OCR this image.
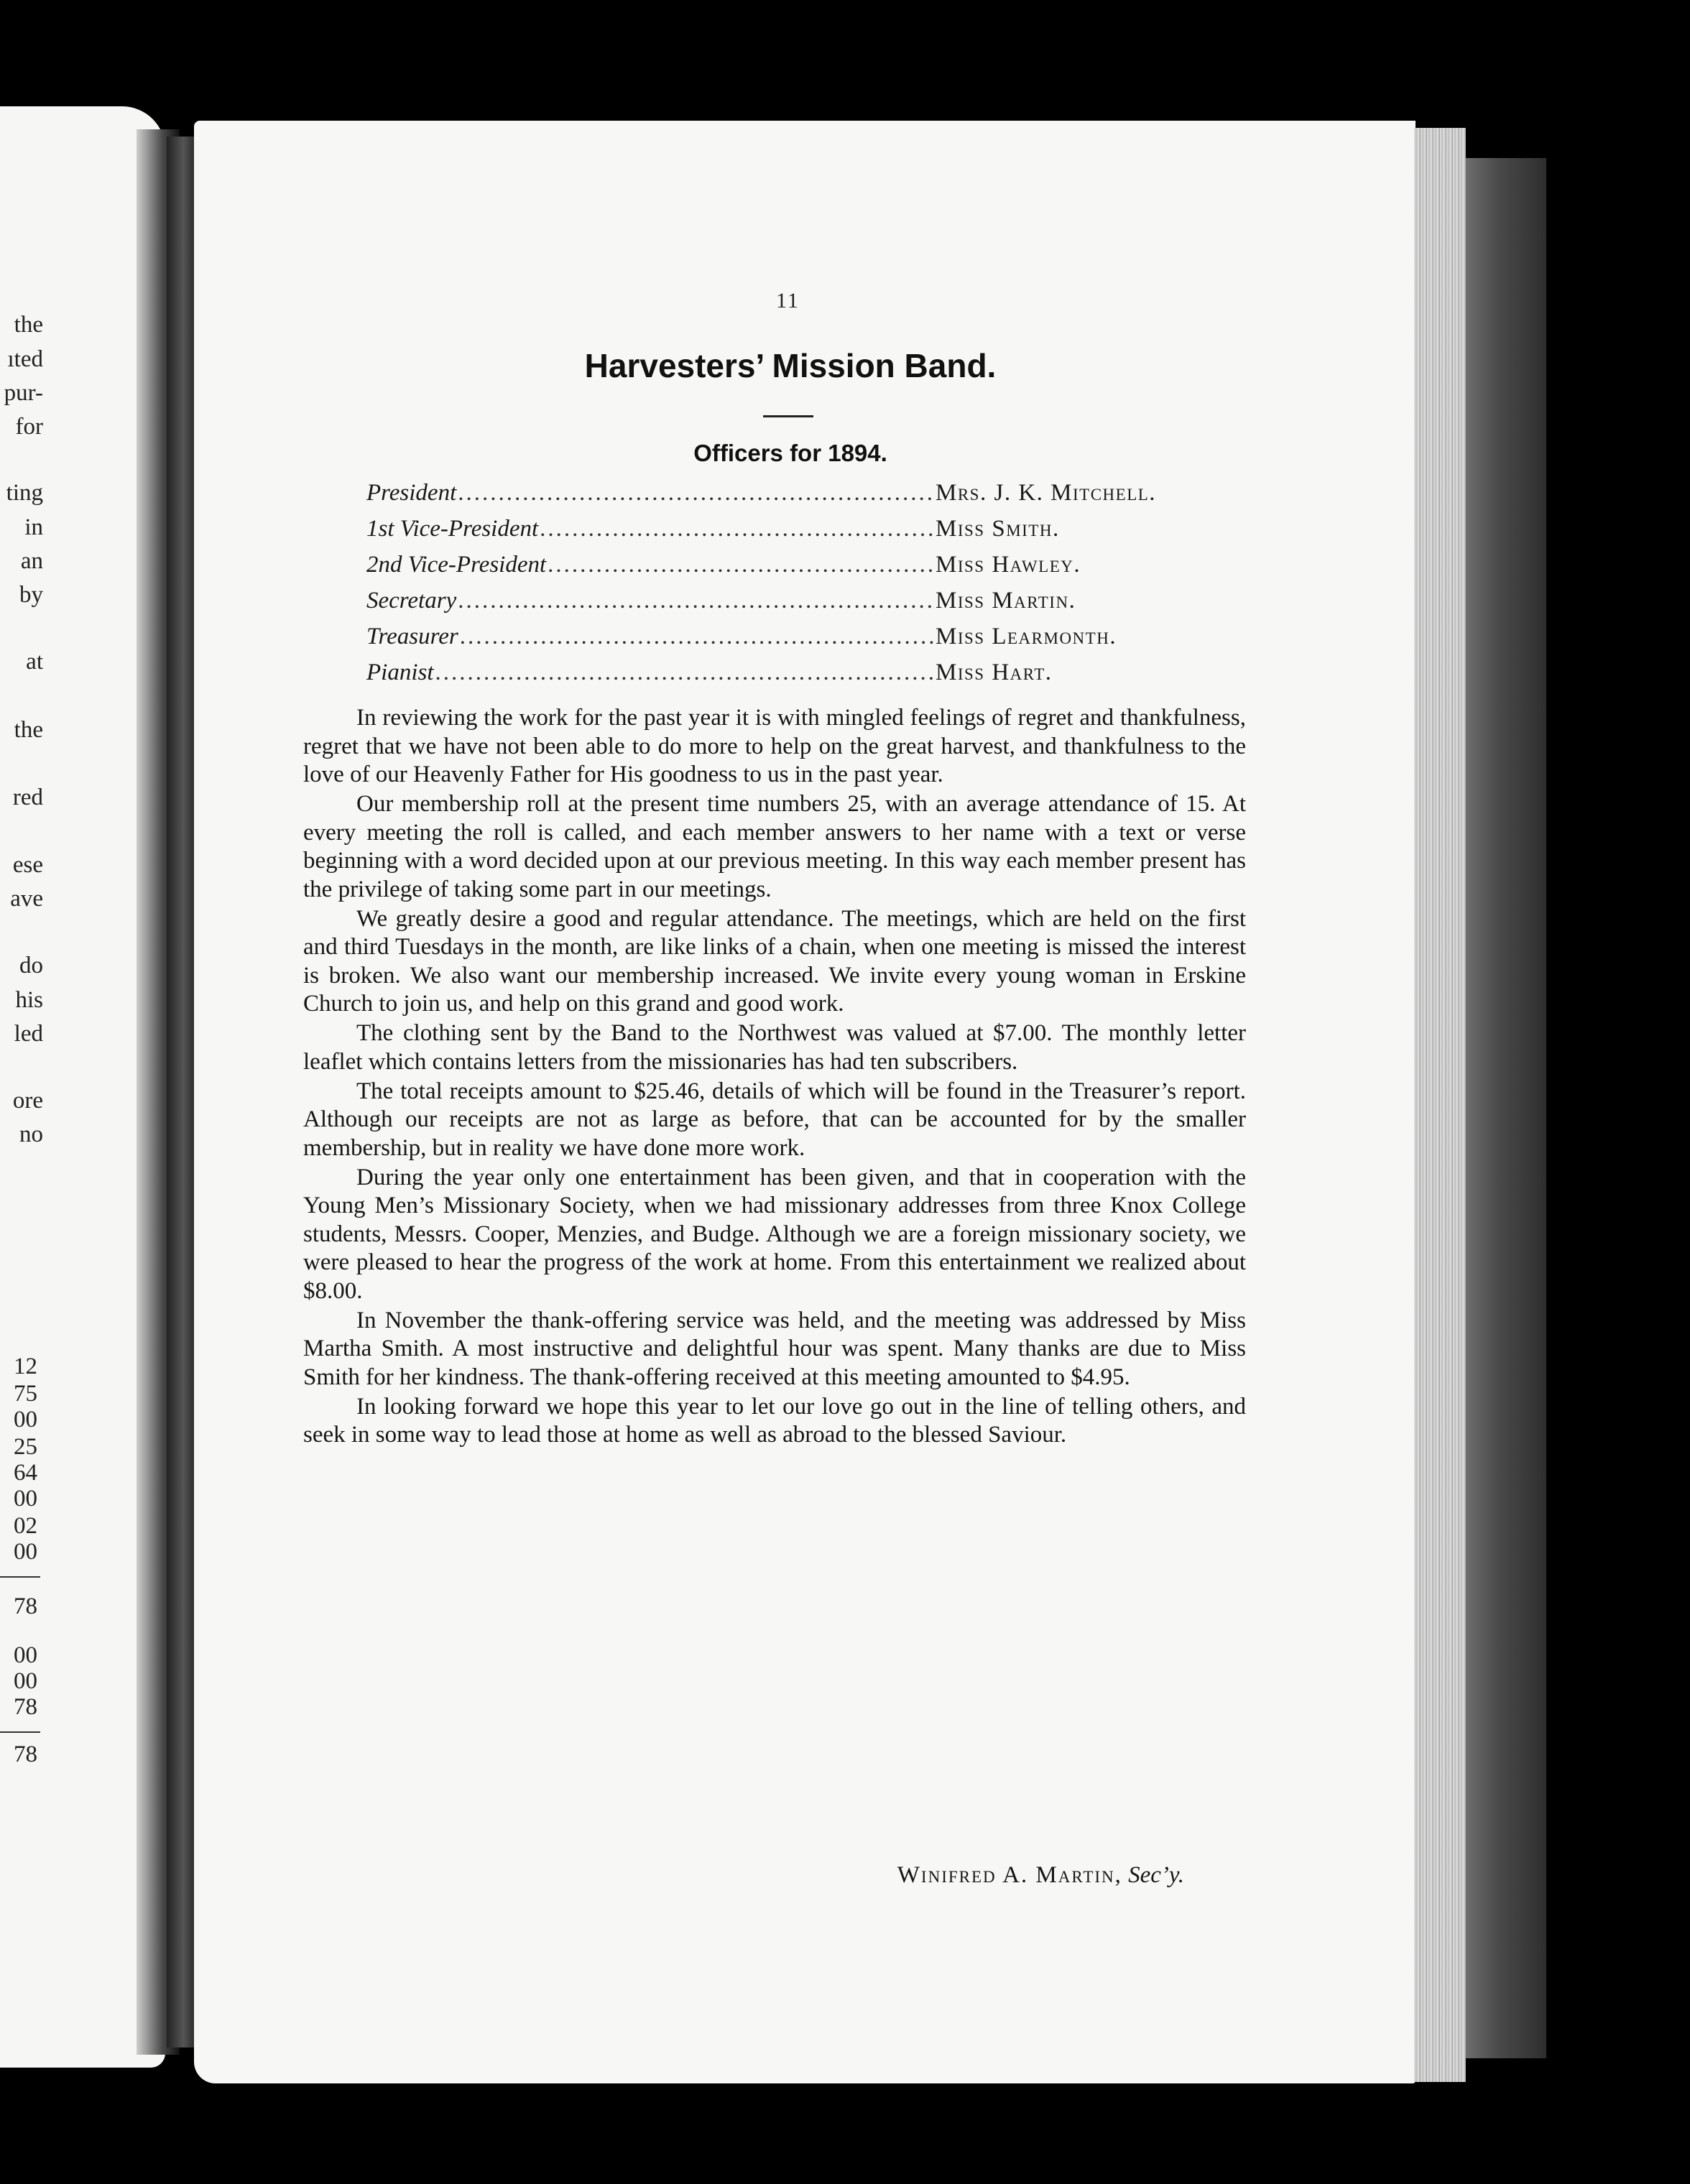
the
ıted
pur-
for
ting
in
an
by
at
the
red
ese
ave
do
his
led
ore
no
12
75
00
25
64
00
02
00
78
00
00
78
78
11
Harvesters’ Mission Band.
Officers for 1894.
President .....	Mrs. J. K. Mitchell.
1st Vice-President .....	Miss Smith.
2nd Vice-President .....	Miss Hawley.
Secretary .....	Miss Martin.
Treasurer .....	Miss Learmonth.
Pianist .....	Miss Hart.

In reviewing the work for the past year it is with mingled feelings of regret and thankfulness, regret that we have not been able to do more to help on the great harvest, and thankfulness to the love of our Heavenly Father for His goodness to us in the past year.

Our membership roll at the present time numbers 25, with an average attendance of 15. At every meeting the roll is called, and each member answers to her name with a text or verse beginning with a word decided upon at our previous meeting. In this way each member present has the privilege of taking some part in our meetings.

We greatly desire a good and regular attendance. The meetings, which are held on the first and third Tuesdays in the month, are like links of a chain, when one meeting is missed the interest is broken. We also want our membership increased. We invite every young woman in Erskine Church to join us, and help on this grand and good work.

The clothing sent by the Band to the Northwest was valued at $7.00. The monthly letter leaflet which contains letters from the missionaries has had ten subscribers.

The total receipts amount to $25.46, details of which will be found in the Treasurer’s report. Although our receipts are not as large as before, that can be accounted for by the smaller membership, but in reality we have done more work.

During the year only one entertainment has been given, and that in cooperation with the Young Men’s Missionary Society, when we had missionary addresses from three Knox College students, Messrs. Cooper, Menzies, and Budge. Although we are a foreign missionary society, we were pleased to hear the progress of the work at home. From this entertainment we realized about $8.00.

In November the thank-offering service was held, and the meeting was addressed by Miss Martha Smith. A most instructive and delightful hour was spent. Many thanks are due to Miss Smith for her kindness. The thank-offering received at this meeting amounted to $4.95.

In looking forward we hope this year to let our love go out in the line of telling others, and seek in some way to lead those at home as well as abroad to the blessed Saviour.

Winifred A. Martin, Sec’y.
